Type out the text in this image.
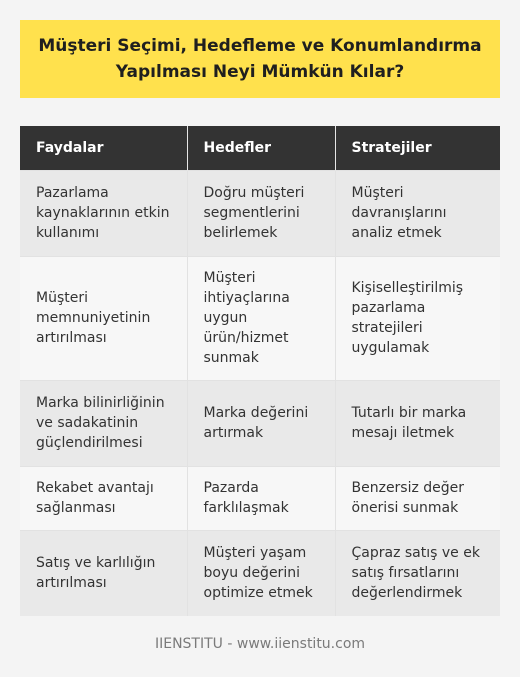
Müşteri Seçimi, Hedefleme ve Konumlandırma Yapılması Neyi Mümkün Kılar?
Faydalar	Hedefler	Stratejiler
Pazarlama kaynaklarının etkin kullanımı	Doğru müşteri segmentlerini belirlemek	Müşteri davranışlarını analiz etmek
Müşteri memnuniyetinin artırılması	Müşteri ihtiyaçlarına uygun ürün/hizmet sunmak	Kişiselleştirilmiş pazarlama stratejileri uygulamak
Marka bilinirliğinin ve sadakatinin güçlendirilmesi	Marka değerini artırmak	Tutarlı bir marka mesajı iletmek
Rekabet avantajı sağlanması	Pazarda farklılaşmak	Benzersiz değer önerisi sunmak
Satış ve karlılığın artırılması	Müşteri yaşam boyu değerini optimize etmek	Çapraz satış ve ek satış fırsatlarını değerlendirmek
IIENSTITU - www.iienstitu.com
